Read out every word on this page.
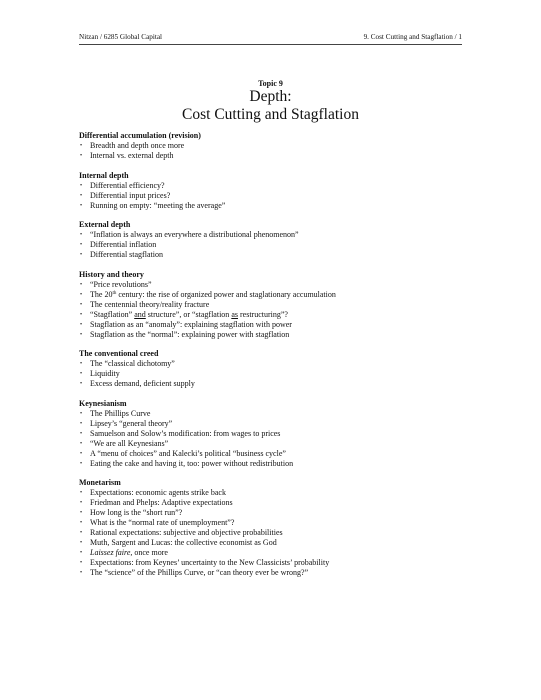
Nitzan / 6285 Global Capital	9. Cost Cutting and Stagflation / 1
Topic 9
Depth:
Cost Cutting and Stagflation
Differential accumulation (revision)
• Breadth and depth once more
• Internal vs. external depth
Internal depth
• Differential efficiency?
• Differential input prices?
• Running on empty: “meeting the average”
External depth
• “Inflation is always an everywhere a distributional phenomenon”
• Differential inflation
• Differential stagflation
History and theory
• “Price revolutions”
• The 20th century: the rise of organized power and staglationary accumulation
• The centennial theory/reality fracture
• “Stagflation” and structure”, or “stagflation as restructuring”?
• Stagflation as an “anomaly”: explaining stagflation with power
• Stagflation as the “normal”: explaining power with stagflation
The conventional creed
• The “classical dichotomy”
• Liquidity
• Excess demand, deficient supply
Keynesianism
• The Phillips Curve
• Lipsey’s “general theory”
• Samuelson and Solow’s modification: from wages to prices
• “We are all Keynesians”
• A “menu of choices” and Kalecki’s political “business cycle”
• Eating the cake and having it, too: power without redistribution
Monetarism
• Expectations: economic agents strike back
• Friedman and Phelps: Adaptive expectations
• How long is the “short run”?
• What is the “normal rate of unemployment”?
• Rational expectations: subjective and objective probabilities
• Muth, Sargent and Lucas: the collective economist as God
• Laissez faire, once more
• Expectations: from Keynes’ uncertainty to the New Classicists’ probability
• The “science” of the Phillips Curve, or “can theory ever be wrong?”
